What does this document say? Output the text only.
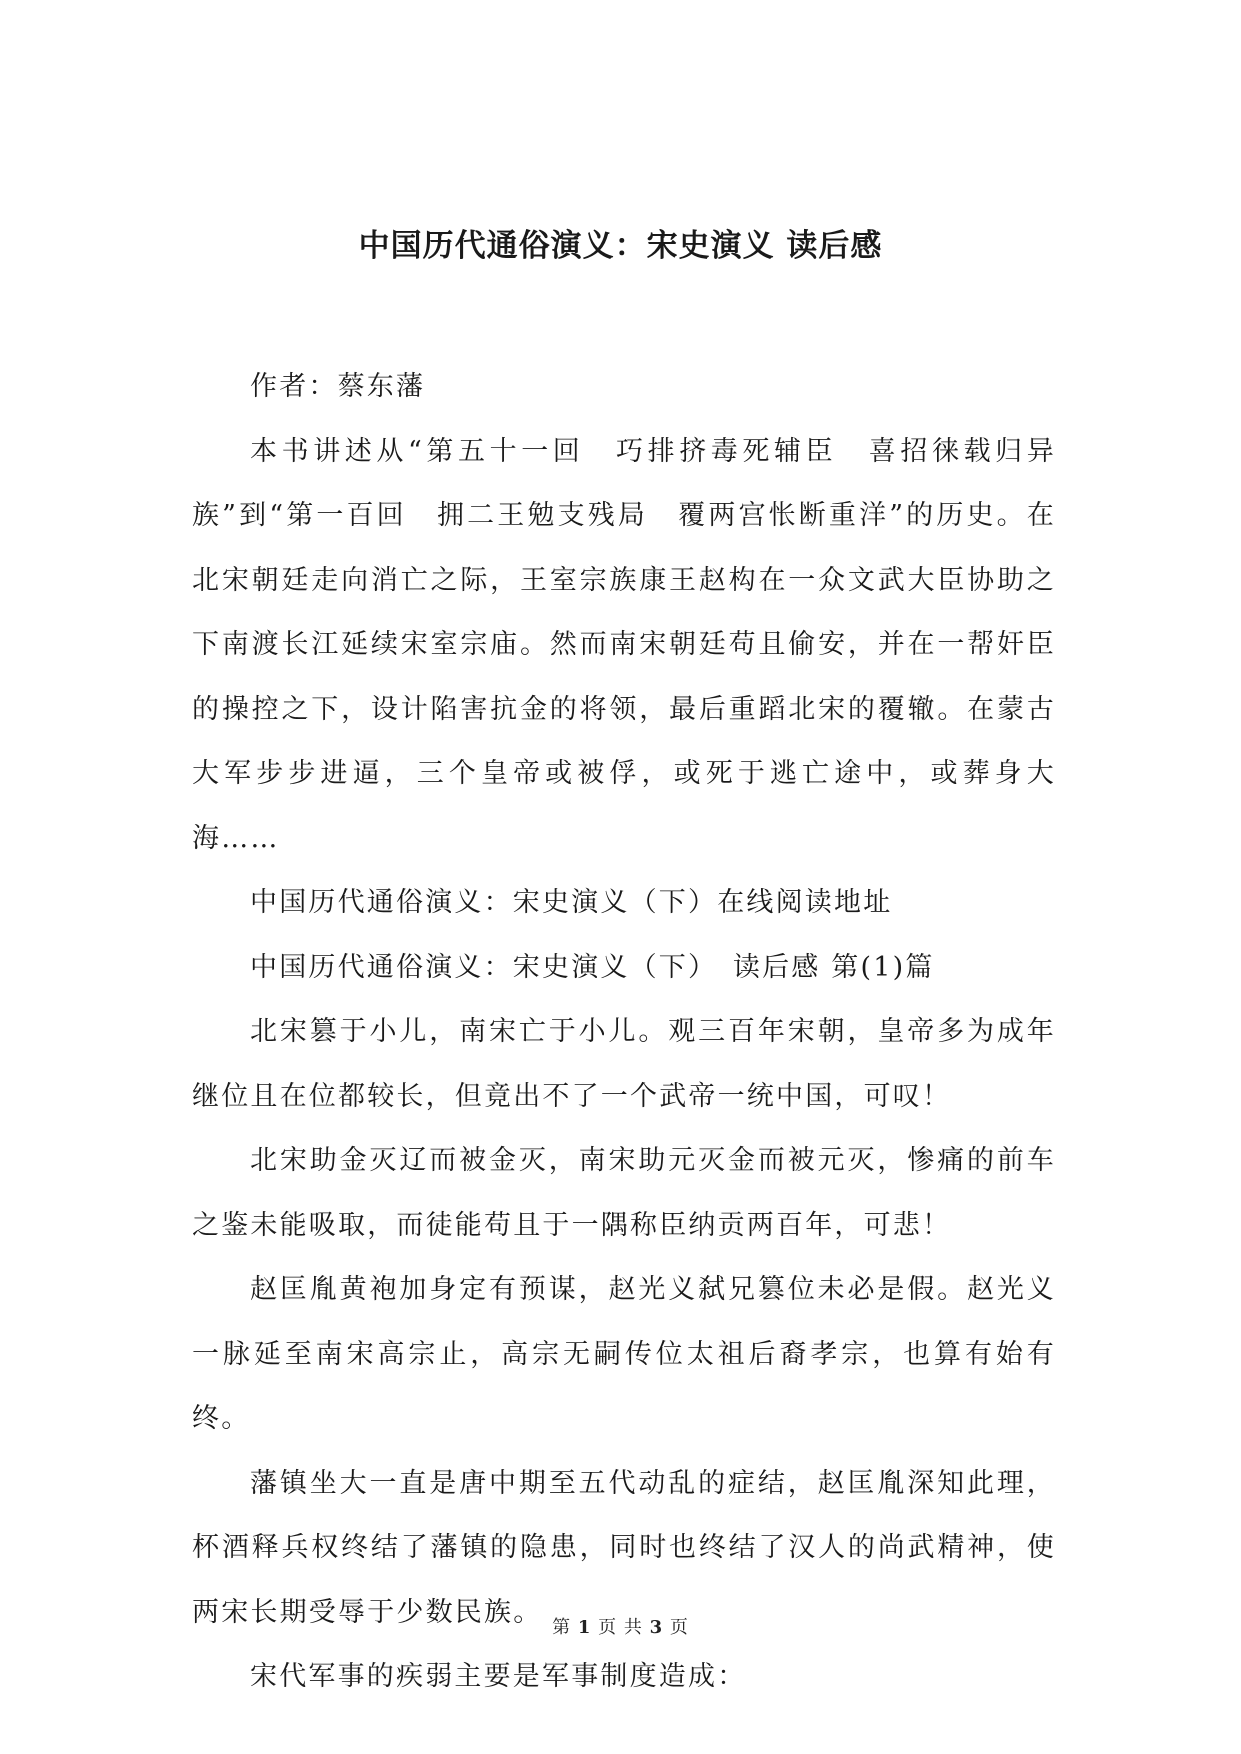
中国历代通俗演义：宋史演义 读后感

作者：蔡东藩

本书讲述从“第五十一回　巧排挤毒死辅臣　喜招徕载归异族”到“第一百回　拥二王勉支残局　覆两宫怅断重洋”的历史。在北宋朝廷走向消亡之际，王室宗族康王赵构在一众文武大臣协助之下南渡长江延续宋室宗庙。然而南宋朝廷苟且偷安，并在一帮奸臣的操控之下，设计陷害抗金的将领，最后重蹈北宋的覆辙。在蒙古大军步步进逼，三个皇帝或被俘，或死于逃亡途中，或葬身大海……

中国历代通俗演义：宋史演义（下）在线阅读地址

中国历代通俗演义：宋史演义（下）　读后感 第(1)篇

北宋篡于小儿，南宋亡于小儿。观三百年宋朝，皇帝多为成年继位且在位都较长，但竟出不了一个武帝一统中国，可叹！

北宋助金灭辽而被金灭，南宋助元灭金而被元灭，惨痛的前车之鉴未能吸取，而徒能苟且于一隅称臣纳贡两百年，可悲！

赵匡胤黄袍加身定有预谋，赵光义弑兄篡位未必是假。赵光义一脉延至南宋高宗止，高宗无嗣传位太祖后裔孝宗，也算有始有终。

藩镇坐大一直是唐中期至五代动乱的症结，赵匡胤深知此理，杯酒释兵权终结了藩镇的隐患，同时也终结了汉人的尚武精神，使两宋长期受辱于少数民族。

宋代军事的疾弱主要是军事制度造成：

第 1 页 共 3 页
